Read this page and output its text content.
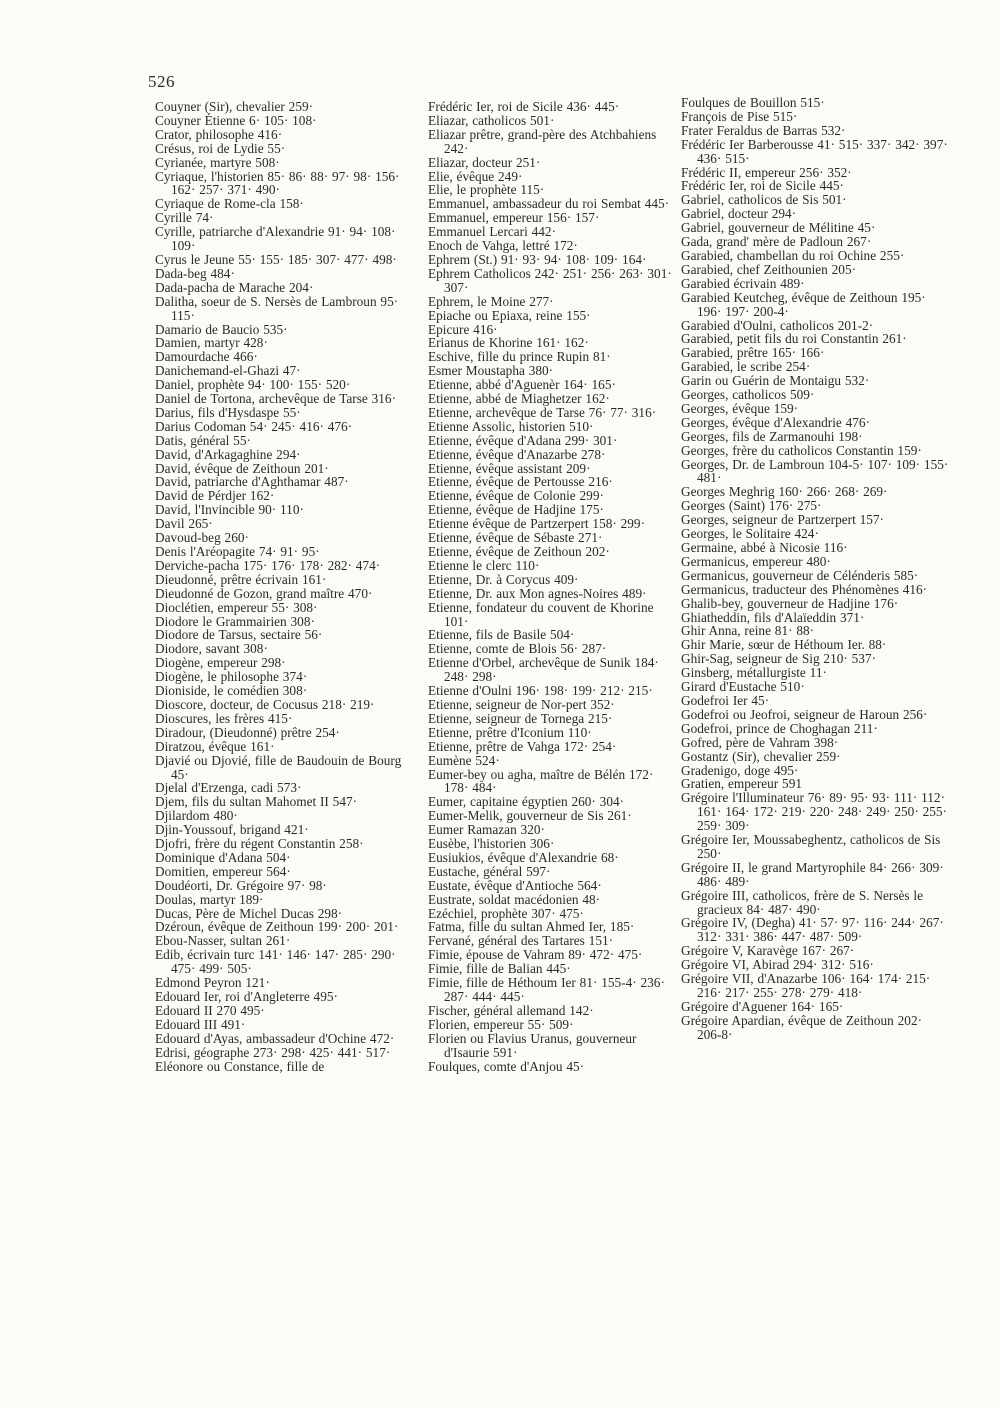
526
Couyner (Sir), chevalier 259·
Couyner Étienne 6· 105· 108·
Crator, philosophe 416·
Crésus, roi de Lydie 55·
Cyrianée, martyre 508·
Cyriaque, l'historien 85· 86· 88· 97· 98· 156· 162· 257· 371· 490·
Cyriaque de Rome-cla 158·
Cyrille 74·
Cyrille, patriarche d'Alexandrie 91· 94· 108· 109·
Cyrus le Jeune 55· 155· 185· 307· 477· 498·
Dada-beg 484·
Dada-pacha de Marache 204·
Dalitha, soeur de S. Nersès de Lambroun 95· 115·
Damario de Baucio 535·
Damien, martyr 428·
Damourdache 466·
Danichemand-el-Ghazi 47·
Daniel, prophète 94· 100· 155· 520·
Daniel de Tortona, archevêque de Tarse 316·
Darius, fils d'Hysdaspe 55·
Darius Codoman 54· 245· 416· 476·
Datis, général 55·
David, d'Arkagaghine 294·
David, évêque de Zeithoun 201·
David, patriarche d'Aghthamar 487·
David de Pérdjer 162·
David, l'Invincible 90· 110·
Davil 265·
Davoud-beg 260·
Denis l'Aréopagite 74· 91· 95·
Derviche-pacha 175· 176· 178· 282· 474·
Dieudonné, prêtre écrivain 161·
Dieudonné de Gozon, grand maître 470·
Dioclétien, empereur 55· 308·
Diodore le Grammairien 308·
Diodore de Tarsus, sectaire 56·
Diodore, savant 308·
Diogène, empereur 298·
Diogène, le philosophe 374·
Dioniside, le comédien 308·
Dioscore, docteur, de Cocusus 218· 219·
Dioscures, les frères 415·
Diradour, (Dieudonné) prêtre 254·
Diratzou, évêque 161·
Djavié ou Djovié, fille de Baudouin de Bourg 45·
Djelal d'Erzenga, cadi 573·
Djem, fils du sultan Mahomet II 547·
Djilardom 480·
Djin-Youssouf, brigand 421·
Djofri, frère du régent Constantin 258·
Dominique d'Adana 504·
Domitien, empereur 564·
Doudéorti, Dr. Grégoire 97· 98·
Doulas, martyr 189·
Ducas, Père de Michel Ducas 298·
Dzéroun, évêque de Zeithoun 199· 200· 201·
Ebou-Nasser, sultan 261·
Edib, écrivain turc 141· 146· 147· 285· 290· 475· 499· 505·
Edmond Peyron 121·
Edouard Ier, roi d'Angleterre 495·
Edouard II 270 495·
Edouard III 491·
Edouard d'Ayas, ambassadeur d'Ochine 472·
Edrisi, géographe 273· 298· 425· 441· 517·
Eléonore ou Constance, fille de
Frédéric Ier, roi de Sicile 436· 445·
Eliazar, catholicos 501·
Eliazar prêtre, grand-père des Atchbahiens 242·
Eliazar, docteur 251·
Elie, évêque 249·
Elie, le prophète 115·
Emmanuel, ambassadeur du roi Sembat 445·
Emmanuel, empereur 156· 157·
Emmanuel Lercari 442·
Enoch de Vahga, lettré 172·
Ephrem (St.) 91· 93· 94· 108· 109· 164·
Ephrem Catholicos 242· 251· 256· 263· 301· 307·
Ephrem, le Moine 277·
Epiache ou Epiaxa, reine 155·
Epicure 416·
Erianus de Khorine 161· 162·
Eschive, fille du prince Rupin 81·
Esmer Moustapha 380·
Etienne, abbé d'Aguenèr 164· 165·
Etienne, abbé de Miaghetzer 162·
Etienne, archevêque de Tarse 76· 77· 316·
Etienne Assolic, historien 510·
Etienne, évêque d'Adana 299· 301·
Etienne, évêque d'Anazarbe 278·
Etienne, évêque assistant 209·
Etienne, évêque de Pertousse 216·
Etienne, évêque de Colonie 299·
Etienne, évêque de Hadjine 175·
Etienne évêque de Partzerpert 158· 299·
Etienne, évêque de Sébaste 271·
Etienne, évêque de Zeithoun 202·
Etienne le clerc 110·
Etienne, Dr. à Corycus 409·
Etienne, Dr. aux Mon agnes-Noires 489·
Etienne, fondateur du couvent de Khorine 101·
Etienne, fils de Basile 504·
Etienne, comte de Blois 56· 287·
Etienne d'Orbel, archevêque de Sunik 184· 248· 298·
Etienne d'Oulni 196· 198· 199· 212· 215·
Etienne, seigneur de Nor-pert 352·
Etienne, seigneur de Tornega 215·
Etienne, prêtre d'Iconium 110·
Etienne, prêtre de Vahga 172· 254·
Eumène 524·
Eumer-bey ou agha, maître de Bélén 172· 178· 484·
Eumer, capitaine égyptien 260· 304·
Eumer-Melik, gouverneur de Sis 261·
Eumer Ramazan 320·
Eusèbe, l'historien 306·
Eusiukios, évêque d'Alexandrie 68·
Eustache, général 597·
Eustate, évêque d'Antioche 564·
Eustrate, soldat macédonien 48·
Ezéchiel, prophète 307· 475·
Fatma, fille du sultan Ahmed Ier, 185·
Fervané, général des Tartares 151·
Fimie, épouse de Vahram 89· 472· 475·
Fimie, fille de Balian 445·
Fimie, fille de Héthoum Ier 81· 155-4· 236· 287· 444· 445·
Fischer, général allemand 142·
Florien, empereur 55· 509·
Florien ou Flavius Uranus, gouverneur d'Isaurie 591·
Foulques, comte d'Anjou 45·
Foulques de Bouillon 515·
François de Pise 515·
Frater Feraldus de Barras 532·
Frédéric Ier Barberousse 41· 515· 337· 342· 397· 436· 515·
Frédéric II, empereur 256· 352·
Frédéric Ier, roi de Sicile 445·
Gabriel, catholicos de Sis 501·
Gabriel, docteur 294·
Gabriel, gouverneur de Mélitine 45·
Gada, grand' mère de Padloun 267·
Garabied, chambellan du roi Ochine 255·
Garabied, chef Zeithounien 205·
Garabied écrivain 489·
Garabied Keutcheg, évêque de Zeithoun 195· 196· 197· 200-4·
Garabied d'Oulni, catholicos 201-2·
Garabied, petit fils du roi Constantin 261·
Garabied, prêtre 165· 166·
Garabied, le scribe 254·
Garin ou Guérin de Montaigu 532·
Georges, catholicos 509·
Georges, évêque 159·
Georges, évêque d'Alexandrie 476·
Georges, fils de Zarmanouhi 198·
Georges, frère du catholicos Constantin 159·
Georges, Dr. de Lambroun 104-5· 107· 109· 155· 481·
Georges Meghrig 160· 266· 268· 269·
Georges (Saint) 176· 275·
Georges, seigneur de Partzerpert 157·
Georges, le Solitaire 424·
Germaine, abbé à Nicosie 116·
Germanicus, empereur 480·
Germanicus, gouverneur de Célénderis 585·
Germanicus, traducteur des Phénomènes 416·
Ghalib-bey, gouverneur de Hadjine 176·
Ghiatheddin, fils d'Alaïeddin 371·
Ghir Anna, reine 81· 88·
Ghir Marie, sœur de Héthoum Ier. 88·
Ghir-Sag, seigneur de Sig 210· 537·
Ginsberg, métallurgiste 11·
Girard d'Eustache 510·
Godefroi Ier 45·
Godefroi ou Jeofroi, seigneur de Haroun 256·
Godefroi, prince de Choghagan 211·
Gofred, père de Vahram 398·
Gostantz (Sir), chevalier 259·
Gradenigo, doge 495·
Gratien, empereur 591
Grégoire l'Illuminateur 76· 89· 95· 93· 111· 112· 161· 164· 172· 219· 220· 248· 249· 250· 255· 259· 309·
Grégoire Ier, Moussabeghentz, catholicos de Sis 250·
Grégoire II, le grand Martyrophile 84· 266· 309· 486· 489·
Grégoire III, catholicos, frère de S. Nersès le gracieux 84· 487· 490·
Grégoire IV, (Degha) 41· 57· 97· 116· 244· 267· 312· 331· 386· 447· 487· 509·
Grégoire V, Karavège 167· 267·
Grégoire VI, Abirad 294· 312· 516·
Grégoire VII, d'Anazarbe 106· 164· 174· 215· 216· 217· 255· 278· 279· 418·
Grégoire d'Aguener 164· 165·
Grégoire Apardian, évêque de Zeithoun 202· 206-8·
